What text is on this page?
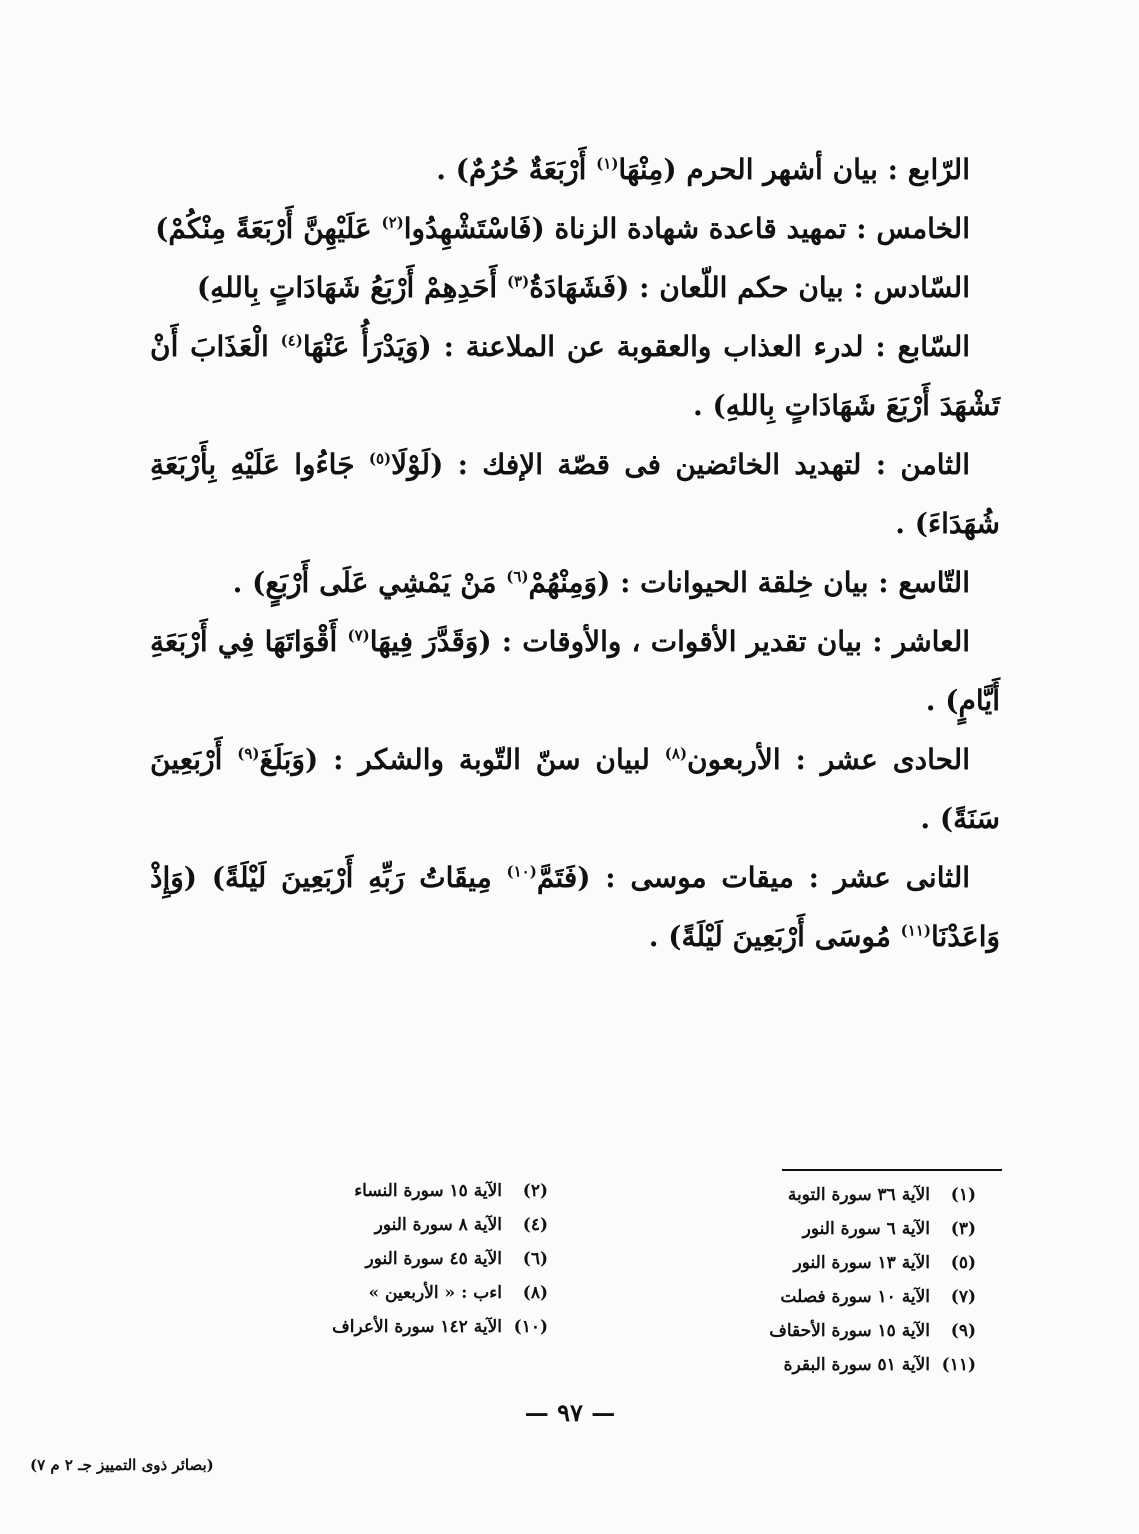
الرّابع : بيان أشهر الحرم (مِنْهَا$^{(١)}$ أَرْبَعَةٌ حُرُمٌ) .

الخامس : تمهيد قاعدة شهادة الزناة (فَاسْتَشْهِدُوا$^{(٢)}$ عَلَيْهِنَّ أَرْبَعَةً مِنْكُمْ)

السّادس : بيان حكم اللّعان : (فَشَهَادَةُ$^{(٣)}$ أَحَدِهِمْ أَرْبَعُ شَهَادَاتٍ بِاللهِ)

السّابع : لدرء العذاب والعقوبة عن الملاعنة : (وَيَدْرَأُ عَنْهَا$^{(٤)}$ الْعَذَابَ أَنْ تَشْهَدَ أَرْبَعَ شَهَادَاتٍ بِاللهِ) .

الثامن : لتهديد الخائضين فى قصّة الإفك : (لَوْلَا$^{(٥)}$ جَاءُوا عَلَيْهِ بِأَرْبَعَةِ شُهَدَاءَ) .

التّاسع : بيان خِلقة الحيوانات : (وَمِنْهُمْ$^{(٦)}$ مَنْ يَمْشِي عَلَى أَرْبَعٍ) .

العاشر : بيان تقدير الأقوات ، والأوقات : (وَقَدَّرَ فِيهَا$^{(٧)}$ أَقْوَاتَهَا فِي أَرْبَعَةِ أَيَّامٍ) .

الحادى عشر : الأربعون$^{(٨)}$ لبيان سنّ التّوبة والشكر : (وَبَلَغَ$^{(٩)}$ أَرْبَعِينَ سَنَةً) .

الثانى عشر : ميقات موسى : (فَتَمَّ$^{(١٠)}$ مِيقَاتُ رَبِّهِ أَرْبَعِينَ لَيْلَةً) (وَإِذْ وَاعَدْنَا$^{(١١)}$ مُوسَى أَرْبَعِينَ لَيْلَةً) .

(١)
الآية ٣٦ سورة التوبة
(٣)
الآية ٦ سورة النور
(٥)
الآية ١٣ سورة النور
(٧)
الآية ١٠ سورة فصلت
(٩)
الآية ١٥ سورة الأحقاف
(١١)
الآية ٥١ سورة البقرة
(٢)
الآية ١٥ سورة النساء
(٤)
الآية ٨ سورة النور
(٦)
الآية ٤٥ سورة النور
(٨)
اءب : « الأربعين »
(١٠)
الآية ١٤٢ سورة الأعراف
— ٩٧ —
(بصائر ذوى التمييز جـ ٢ م ٧)
